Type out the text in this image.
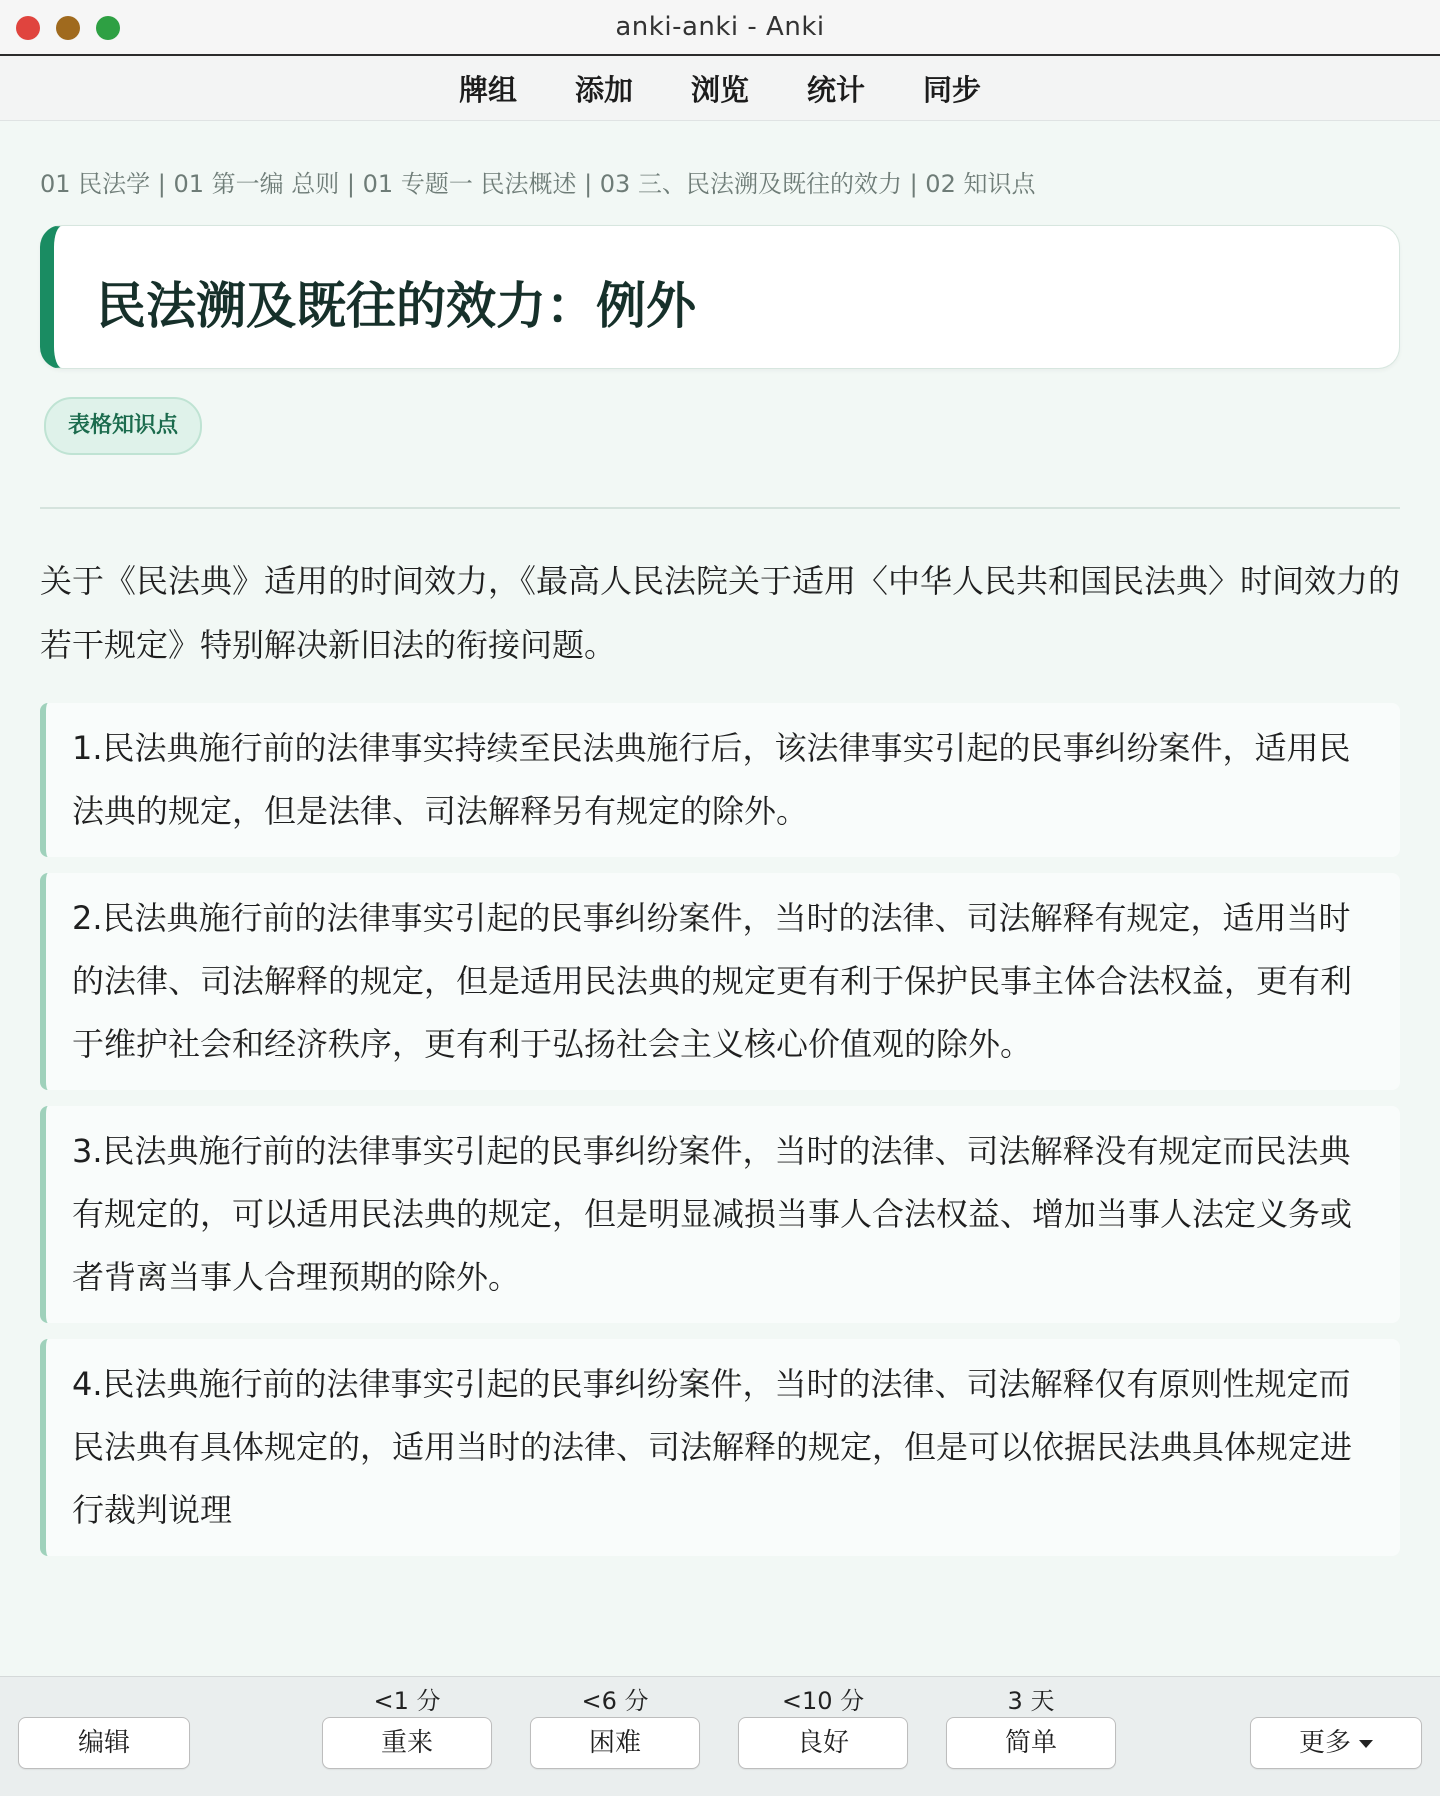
anki-anki - Anki
牌组	添加	浏览	统计	同步
01 民法学 | 01 第一编 总则 | 01 专题一 民法概述 | 03 三、民法溯及既往的效力 | 02 知识点
民法溯及既往的效力：例外
表格知识点
关于《民法典》适用的时间效力，《最高人民法院关于适用〈中华人民共和国民法典〉时间效力的若干规定》特别解决新旧法的衔接问题。
1.民法典施行前的法律事实持续至民法典施行后，该法律事实引起的民事纠纷案件，适用民法典的规定，但是法律、司法解释另有规定的除外。
2.民法典施行前的法律事实引起的民事纠纷案件，当时的法律、司法解释有规定，适用当时的法律、司法解释的规定，但是适用民法典的规定更有利于保护民事主体合法权益，更有利于维护社会和经济秩序，更有利于弘扬社会主义核心价值观的除外。
3.民法典施行前的法律事实引起的民事纠纷案件，当时的法律、司法解释没有规定而民法典有规定的，可以适用民法典的规定，但是明显减损当事人合法权益、增加当事人法定义务或者背离当事人合理预期的除外。
4.民法典施行前的法律事实引起的民事纠纷案件，当时的法律、司法解释仅有原则性规定而民法典有具体规定的，适用当时的法律、司法解释的规定，但是可以依据民法典具体规定进行裁判说理
编辑
<1 分
重来
<6 分
困难
<10 分
良好
3 天
简单	更多
